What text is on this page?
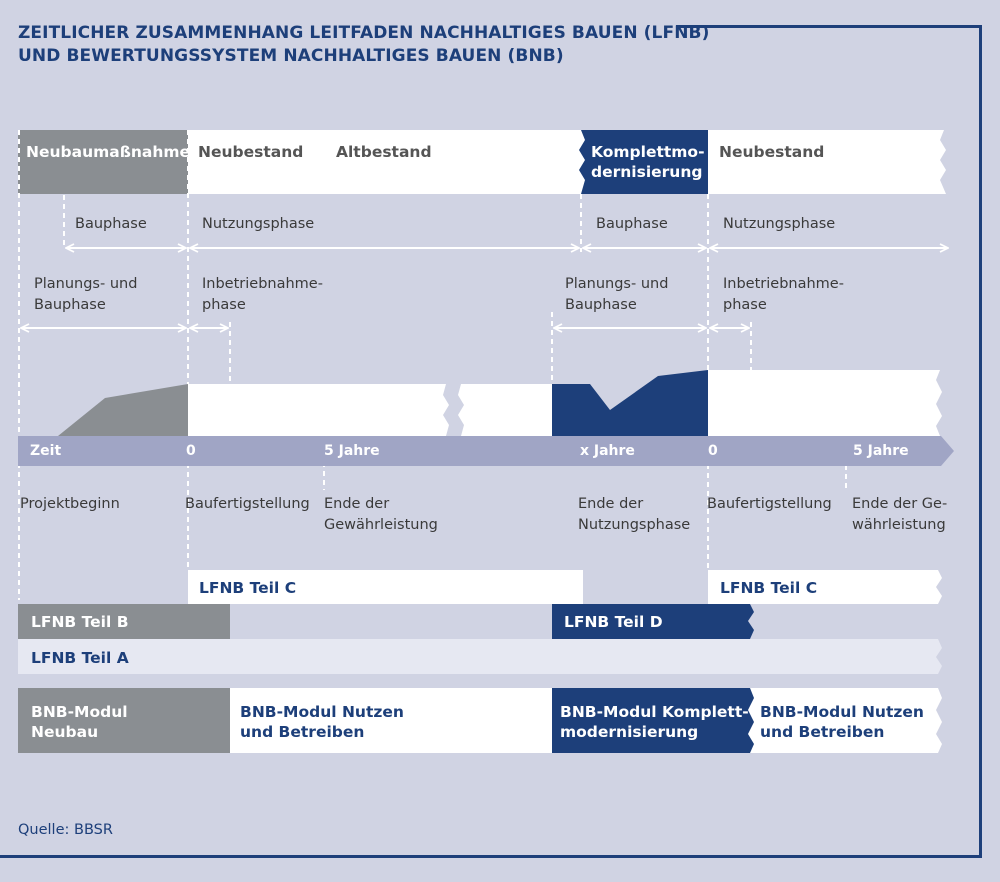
ZEITLICHER ZUSAMMENHANG LEITFADEN NACHHALTIGES BAUEN (LFNB)
UND BEWERTUNGSSYSTEM NACHHALTIGES BAUEN (BNB)
Neubaumaßnahme Neubestand Altbestand	Komplettmo-
dernisierung
Neubestand
Bauphase	Nutzungsphase	Bauphase	Nutzungsphase
Planungs- und
Bauphase
Inbetriebnahme-
phase
Planungs- und
Bauphase
Inbetriebnahme-
phase
Zeit	0	5 Jahre	x Jahre	0	5 Jahre
Projektbeginn	Baufertigstellung Ende der
Gewährleistung
Ende der
Nutzungsphase
Baufertigstellung Ende der Ge-
währleistung
LFNB Teil C	LFNB Teil C
LFNB Teil B	LFNB Teil D
LFNB Teil A
BNB-Modul
Neubau
BNB-Modul Nutzen
und Betreiben
BNB-Modul Komplett-
modernisierung
BNB-Modul Nutzen
und Betreiben
Quelle: BBSR
